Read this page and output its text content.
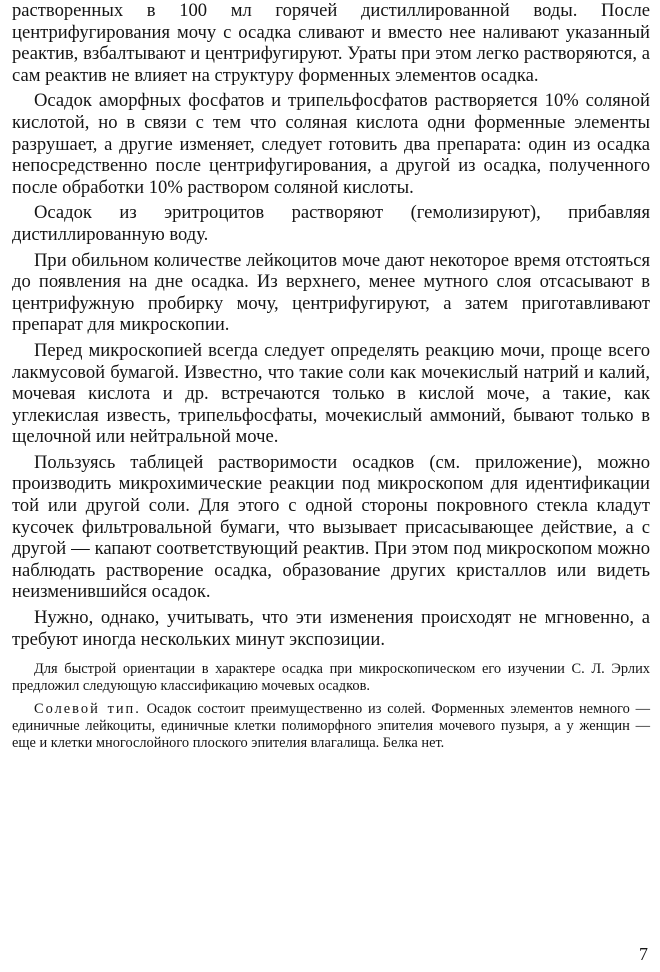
растворенных в 100 мл горячей дистиллированной воды. После центрифугирования мочу с осадка сливают и вместо нее наливают указанный реактив, взбалтывают и центрифугируют. Ураты при этом легко растворяются, а сам реактив не влияет на структуру форменных элементов осадка.

Осадок аморфных фосфатов и трипельфосфатов растворяется 10% соляной кислотой, но в связи с тем что соляная кислота одни форменные элементы разрушает, а другие изменяет, следует готовить два препарата: один из осадка непосредственно после центрифугирования, а другой из осадка, полученного после обработки 10% раствором соляной кислоты.

Осадок из эритроцитов растворяют (гемолизируют), прибавляя дистиллированную воду.

При обильном количестве лейкоцитов моче дают некоторое время отстояться до появления на дне осадка. Из верхнего, менее мутного слоя отсасывают в центрифужную пробирку мочу, центрифугируют, а затем приготавливают препарат для микроскопии.

Перед микроскопией всегда следует определять реакцию мочи, проще всего лакмусовой бумагой. Известно, что такие соли как мочекислый натрий и калий, мочевая кислота и др. встречаются только в кислой моче, а такие, как углекислая известь, трипельфосфаты, мочекислый аммоний, бывают только в щелочной или нейтральной моче.

Пользуясь таблицей растворимости осадков (см. приложение), можно производить микрохимические реакции под микроскопом для идентификации той или другой соли. Для этого с одной стороны покровного стекла кладут кусочек фильтровальной бумаги, что вызывает присасывающее действие, а с другой — капают соответствующий реактив. При этом под микроскопом можно наблюдать растворение осадка, образование других кристаллов или видеть неизменившийся осадок.

Нужно, однако, учитывать, что эти изменения происходят не мгновенно, а требуют иногда нескольких минут экспозиции.

Для быстрой ориентации в характере осадка при микроскопическом его изучении С. Л. Эрлих предложил следующую классификацию мочевых осадков.

Солевой тип. Осадок состоит преимущественно из солей. Форменных элементов немного — единичные лейкоциты, единичные клетки полиморфного эпителия мочевого пузыря, а у женщин — еще и клетки многослойного плоского эпителия влагалища. Белка нет.

7
